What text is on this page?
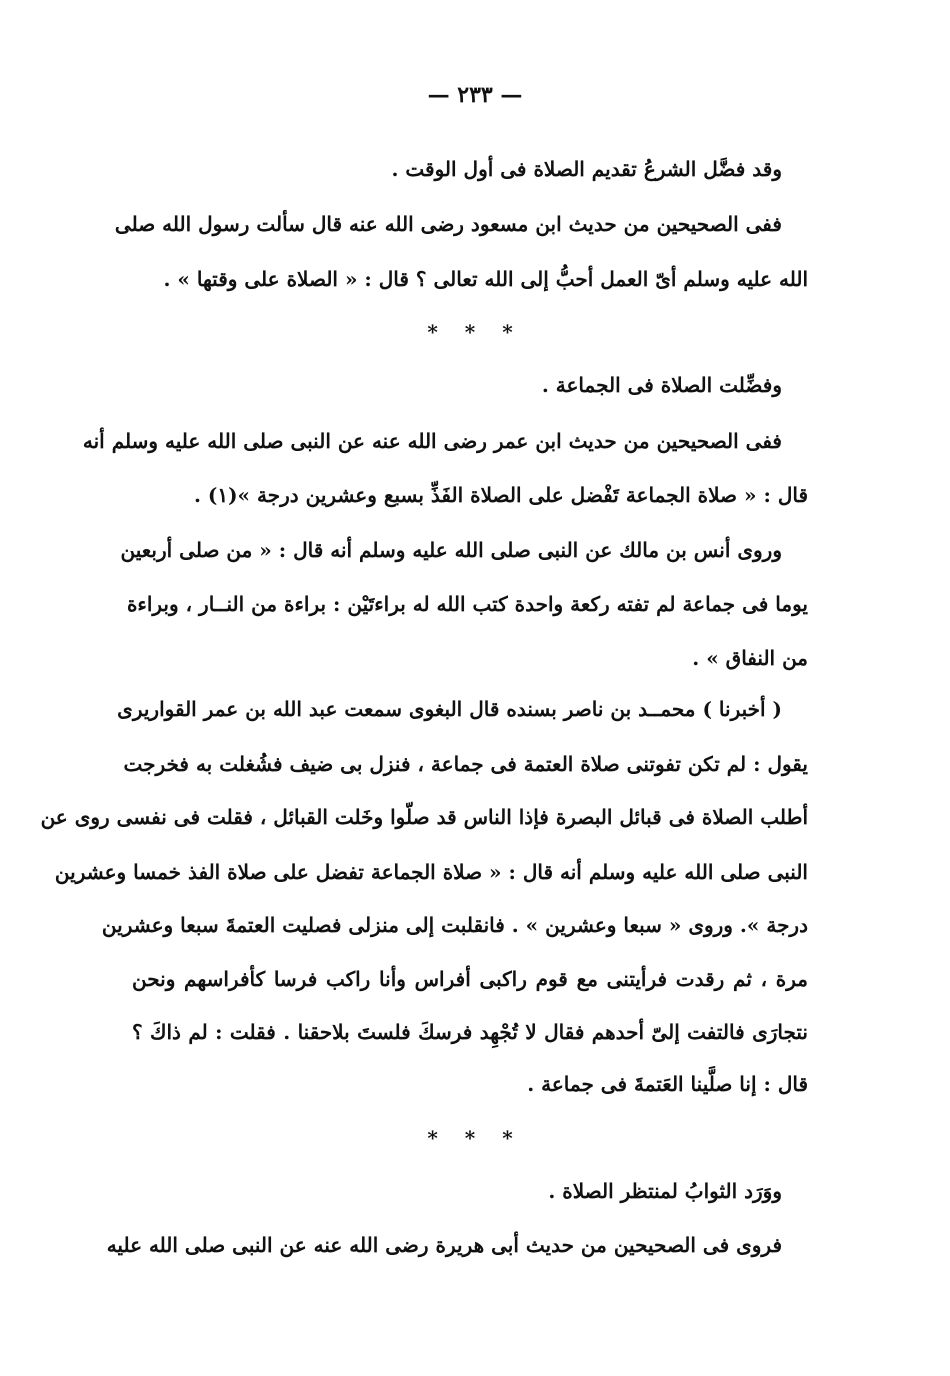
— ٢٣٣ —
وقد فضَّل الشرعُ تقديم الصلاة فى أول الوقت .
ففى الصحيحين من حديث ابن مسعود رضى الله عنه قال سألت رسول الله صلى
الله عليه وسلم أىّ العمل أحبُّ إلى الله تعالى ؟ قال : « الصلاة على وقتها » .
* * *
وفضِّلت الصلاة فى الجماعة .
ففى الصحيحين من حديث ابن عمر رضى الله عنه عن النبى صلى الله عليه وسلم أنه
قال : « صلاة الجماعة تَفْضل على الصلاة الفَذِّ بسبع وعشرين درجة »(١) .
وروى أنس بن مالك عن النبى صلى الله عليه وسلم أنه قال : « من صلى أربعين
يوما فى جماعة لم تفته ركعة واحدة كتب الله له براءتَيْن : براءة من النــار ، وبراءة
من النفاق » .
( أخبرنا ) محمــد بن ناصر بسنده قال البغوى سمعت عبد الله بن عمر القواريرى
يقول : لم تكن تفوتنى صلاة العتمة فى جماعة ، فنزل بى ضيف فشُغلت به فخرجت
أطلب الصلاة فى قبائل البصرة فإذا الناس قد صلّوا وخَلت القبائل ، فقلت فى نفسى روى عن
النبى صلى الله عليه وسلم أنه قال : « صلاة الجماعة تفضل على صلاة الفذ خمسا وعشرين
درجة ». وروى « سبعا وعشرين » . فانقلبت إلى منزلى فصليت العتمةَ سبعا وعشرين
مرة ، ثم رقدت فرأيتنى مع قوم راكبى أفراس وأنا راكب فرسا كأفراسهم ونحن
نتجارَى فالتفت إلىّ أحدهم فقال لا تُجْهِد فرسكَ فلستَ بلاحقنا . فقلت : لم ذاكَ ؟
قال : إنا صلَّينا العَتمةَ فى جماعة .
* * *
ووَرَد الثوابُ لمنتظر الصلاة .
فروى فى الصحيحين من حديث أبى هريرة رضى الله عنه عن النبى صلى الله عليه
